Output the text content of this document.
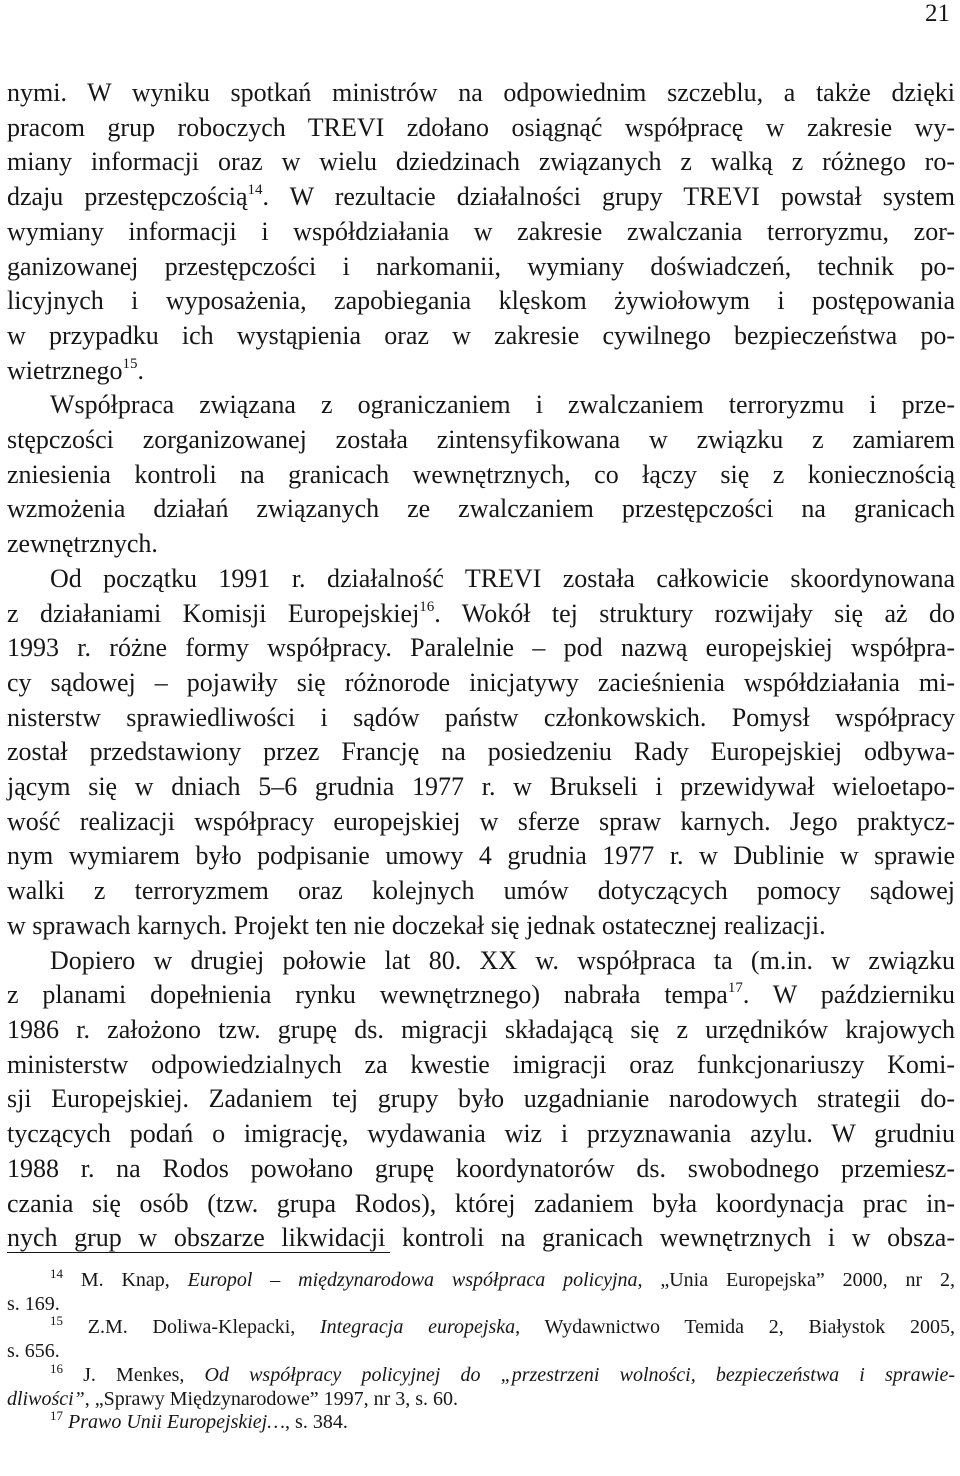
21
nymi. W wyniku spotkań ministrów na odpowiednim szczeblu, a także dzięki
pracom grup roboczych TREVI zdołano osiągnąć współpracę w zakresie wy-
miany informacji oraz w wielu dziedzinach związanych z walką z różnego ro-
dzaju przestępczością$^{14}$. W rezultacie działalności grupy TREVI powstał system
wymiany informacji i współdziałania w zakresie zwalczania terroryzmu, zor-
ganizowanej przestępczości i narkomanii, wymiany doświadczeń, technik po-
licyjnych i wyposażenia, zapobiegania klęskom żywiołowym i postępowania
w przypadku ich wystąpienia oraz w zakresie cywilnego bezpieczeństwa po-
wietrznego$^{15}$.
Współpraca związana z ograniczaniem i zwalczaniem terroryzmu i prze-
stępczości zorganizowanej została zintensyfikowana w związku z zamiarem
zniesienia kontroli na granicach wewnętrznych, co łączy się z koniecznością
wzmożenia działań związanych ze zwalczaniem przestępczości na granicach
zewnętrznych.
Od początku 1991 r. działalność TREVI została całkowicie skoordynowana
z działaniami Komisji Europejskiej$^{16}$. Wokół tej struktury rozwijały się aż do
1993 r. różne formy współpracy. Paralelnie – pod nazwą europejskiej współpra-
cy sądowej – pojawiły się różnorode inicjatywy zacieśnienia współdziałania mi-
nisterstw sprawiedliwości i sądów państw członkowskich. Pomysł współpracy
został przedstawiony przez Francję na posiedzeniu Rady Europejskiej odbywa-
jącym się w dniach 5–6 grudnia 1977 r. w Brukseli i przewidywał wieloetapo-
wość realizacji współpracy europejskiej w sferze spraw karnych. Jego praktycz-
nym wymiarem było podpisanie umowy 4 grudnia 1977 r. w Dublinie w sprawie
walki z terroryzmem oraz kolejnych umów dotyczących pomocy sądowej
w sprawach karnych. Projekt ten nie doczekał się jednak ostatecznej realizacji.
Dopiero w drugiej połowie lat 80. XX w. współpraca ta (m.in. w związku
z planami dopełnienia rynku wewnętrznego) nabrała tempa$^{17}$. W październiku
1986 r. założono tzw. grupę ds. migracji składającą się z urzędników krajowych
ministerstw odpowiedzialnych za kwestie imigracji oraz funkcjonariuszy Komi-
sji Europejskiej. Zadaniem tej grupy było uzgadnianie narodowych strategii do-
tyczących podań o imigrację, wydawania wiz i przyznawania azylu. W grudniu
1988 r. na Rodos powołano grupę koordynatorów ds. swobodnego przemiesz-
czania się osób (tzw. grupa Rodos), której zadaniem była koordynacja prac in-
nych grup w obszarze likwidacji kontroli na granicach wewnętrznych i w obsza-
$^{14}$ M. Knap, Europol – międzynarodowa współpraca policyjna, „Unia Europejska” 2000, nr 2,
s. 169.
$^{15}$ Z.M. Doliwa-Klepacki, Integracja europejska, Wydawnictwo Temida 2, Białystok 2005,
s. 656.
$^{16}$ J. Menkes, Od współpracy policyjnej do „przestrzeni wolności, bezpieczeństwa i sprawie-
dliwości”, „Sprawy Międzynarodowe” 1997, nr 3, s. 60.
$^{17}$ Prawo Unii Europejskiej…, s. 384.
